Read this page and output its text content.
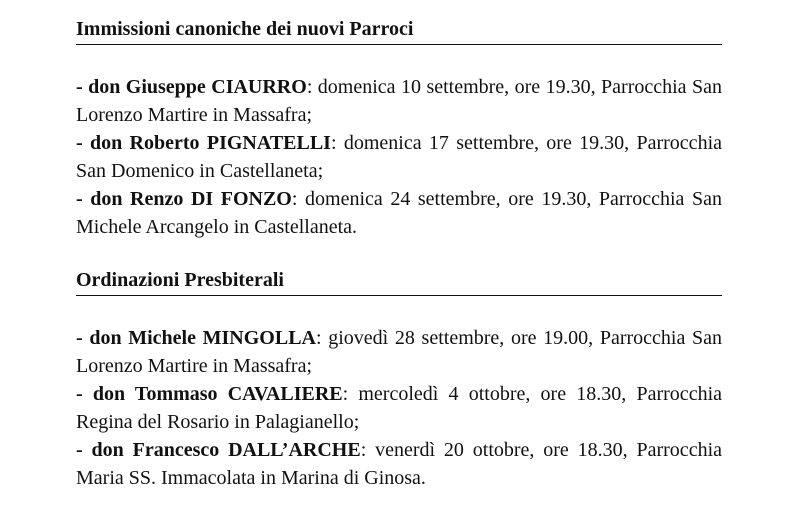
Immissioni canoniche dei nuovi Parroci

- don Giuseppe CIAURRO: domenica 10 settembre, ore 19.30, Parrocchia San Lorenzo Martire in Massafra;

- don Roberto PIGNATELLI: domenica 17 settembre, ore 19.30, Parrocchia San Domenico in Castellaneta;

- don Renzo DI FONZO: domenica 24 settembre, ore 19.30, Parrocchia San Michele Arcangelo in Castellaneta.

Ordinazioni Presbiterali

- don Michele MINGOLLA: giovedì 28 settembre, ore 19.00, Parrocchia San Lorenzo Martire in Massafra;

- don Tommaso CAVALIERE: mercoledì 4 ottobre, ore 18.30, Parrocchia Regina del Rosario in Palagianello;

- don Francesco DALL’ARCHE: venerdì 20 ottobre, ore 18.30, Parrocchia Maria SS. Immacolata in Marina di Ginosa.
